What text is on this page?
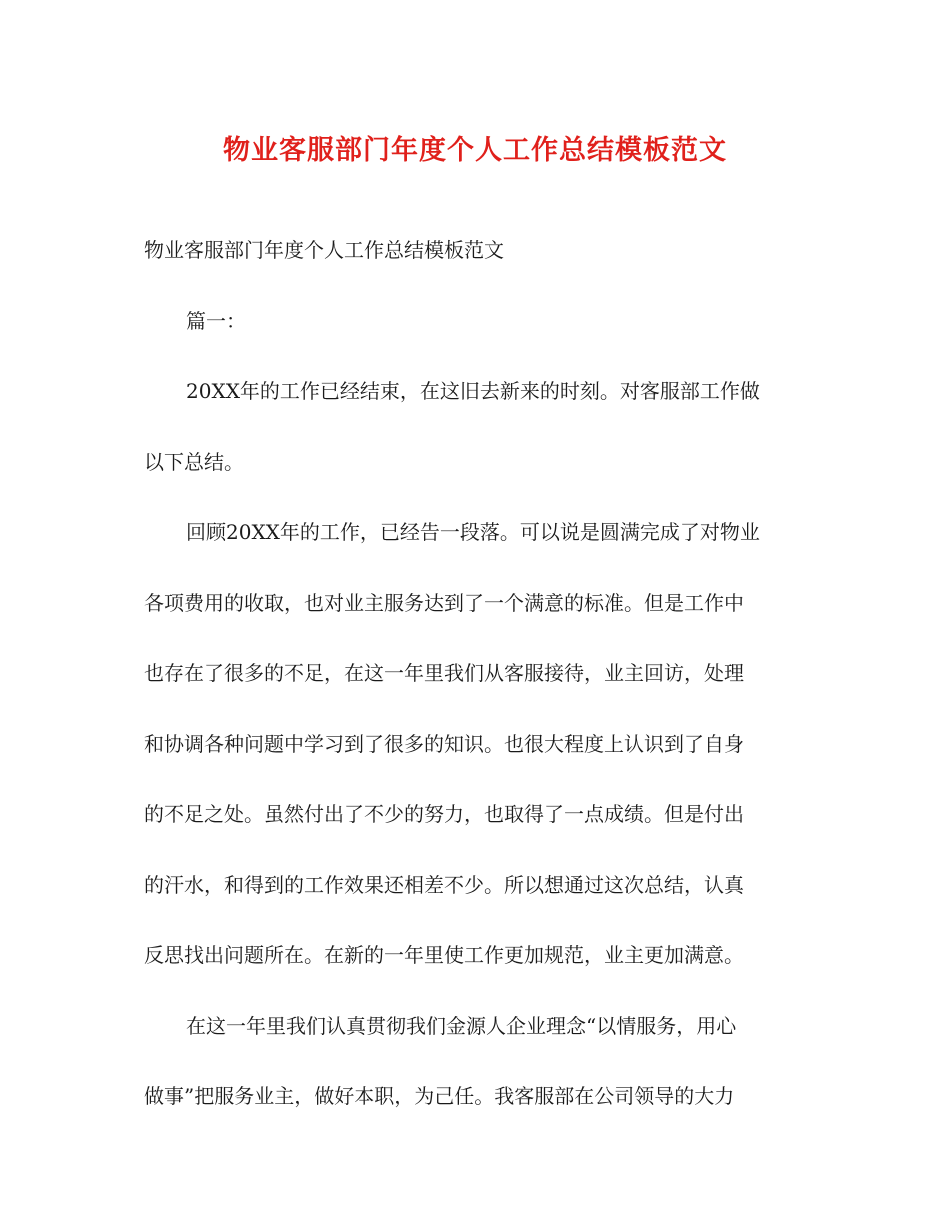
物业客服部门年度个人工作总结模板范文

物业客服部门年度个人工作总结模板范文

篇一：

20XX年的工作已经结束，在这旧去新来的时刻。对客服部工作做

以下总结。

回顾20XX年的工作，已经告一段落。可以说是圆满完成了对物业

各项费用的收取，也对业主服务达到了一个满意的标准。但是工作中

也存在了很多的不足，在这一年里我们从客服接待，业主回访，处理

和协调各种问题中学习到了很多的知识。也很大程度上认识到了自身

的不足之处。虽然付出了不少的努力，也取得了一点成绩。但是付出

的汗水，和得到的工作效果还相差不少。所以想通过这次总结，认真

反思找出问题所在。在新的一年里使工作更加规范，业主更加满意。

在这一年里我们认真贯彻我们金源人企业理念“以情服务，用心

做事”把服务业主，做好本职，为己任。我客服部在公司领导的大力
